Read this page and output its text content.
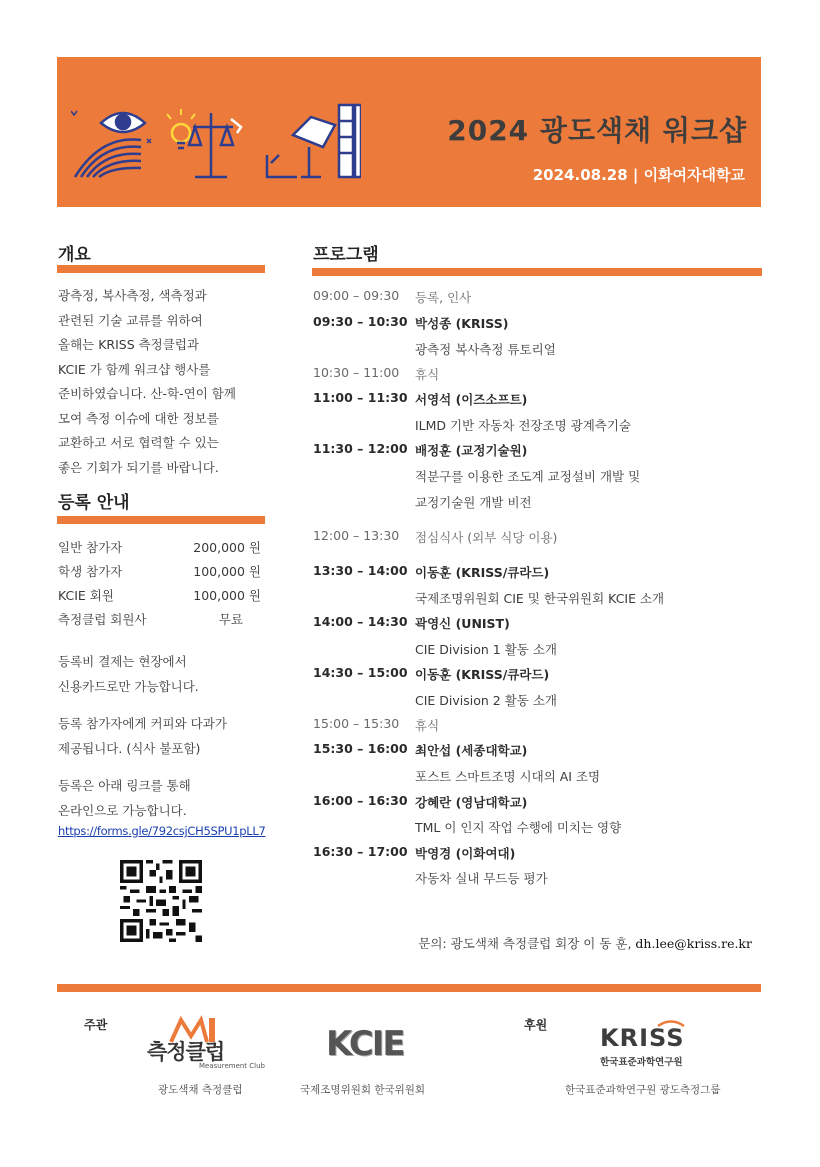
2024 광도색채 워크샵
2024.08.28 | 이화여자대학교
개요
광측정, 복사측정, 색측정과
관련된 기술 교류를 위하여
올해는 KRISS 측정클럽과
KCIE 가 함께 워크샵 행사를
준비하였습니다. 산-학-연이 함께
모여 측정 이슈에 대한 정보를
교환하고 서로 협력할 수 있는
좋은 기회가 되기를 바랍니다.
등록 안내
일반 참가자	200,000 원
학생 참가자	100,000 원
KCIE 회원	100,000 원
측정클럽 회원사	무료
등록비 결제는 현장에서
신용카드로만 가능합니다.
등록 참가자에게 커피와 다과가
제공됩니다. (식사 불포함)
등록은 아래 링크를 통해
온라인으로 가능합니다.
https://forms.gle/792csjCH5SPU1pLL7
프로그램
09:00 – 09:30	등록, 인사
09:30 – 10:30 박성종 (KRISS)
광측정 복사측정 튜토리얼
10:30 – 11:00	휴식
11:00 – 11:30 서영석 (이즈소프트)
ILMD 기반 자동차 전장조명 광계측기술
11:30 – 12:00 배정훈 (교정기술원)
적분구를 이용한 조도계 교정설비 개발 및
교정기술원 개발 비전
12:00 – 13:30	점심식사 (외부 식당 이용)
13:30 – 14:00 이동훈 (KRISS/큐라드)
국제조명위원회 CIE 및 한국위원회 KCIE 소개
14:00 – 14:30 곽영신 (UNIST)
CIE Division 1 활동 소개
14:30 – 15:00 이동훈 (KRISS/큐라드)
CIE Division 2 활동 소개
15:00 – 15:30	휴식
15:30 – 16:00 최안섭 (세종대학교)
포스트 스마트조명 시대의 AI 조명
16:00 – 16:30 강혜란 (영남대학교)
TML 이 인지 작업 수행에 미치는 영향
16:30 – 17:00 박영경 (이화여대)
자동차 실내 무드등 평가
문의: 광도색채 측정클럽 회장 이 동 훈, dh.lee@kriss.re.kr
주관	후원
측정클럽
Measurement Club
광도색채 측정클럽
KCIE
국제조명위원회 한국위원회
KRISS
한국표준과학연구원
한국표준과학연구원 광도측정그룹
